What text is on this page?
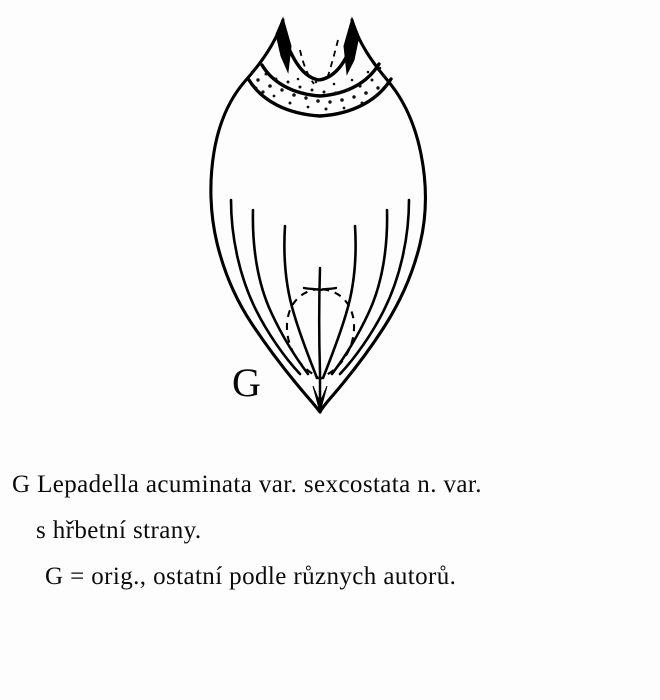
G
G Lepadella acuminata var. sexcostata n. var.
s hřbetní strany.
G = orig., ostatní podle různych autorů.
